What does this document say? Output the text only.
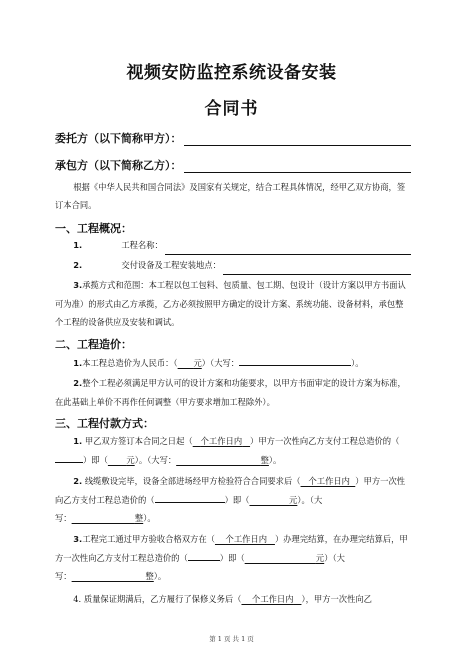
视频安防监控系统设备安装
合同书
委托方（以下简称甲方）：
承包方（以下简称乙方）：
根据《中华人民共和国合同法》及国家有关规定，结合工程具体情况，经甲乙双方协商，签订本合同。
一、工程概况：
1.
	工程名称：
2.
	交付设备及工程安装地点：
3.承揽方式和范围：本工程以包工包料、包质量、包工期、包设计（设计方案以甲方书面认可为准）的形式由乙方承揽，乙方必须按照甲方确定的设计方案、系统功能、设备材料，承包整个工程的设备供应及安装和调试。
二、工程造价：
1.本工程总造价为人民币：（ 元）（大写：	）。
2.整个工程必须满足甲方认可的设计方案和功能要求，以甲方书面审定的设计方案为标准，在此基础上单价不再作任何调整（甲方要求增加工程除外）。
三、工程付款方式：
1. 甲乙双方签订本合同之日起（ 个工作日内 ）甲方一次性向乙方支付工程总造价的（）即（ 元）。（大写：	整）。
2. 线缆敷设完毕，设备全部进场经甲方检验符合合同要求后（ 个工作日内 ）甲方一次性向乙方支付工程总造价的（	）即（	元）。（大写：	整）。
3.工程完工通过甲方验收合格双方在（ 个工作日内 ）办理完结算，在办理完结算后，甲方一次性向乙方支付工程总造价的（	）即（	元）（大写：	整）。
4. 质量保证期满后，乙方履行了保修义务后（ 个工作日内 ），甲方一次性向乙
第 1 页 共 1 页
